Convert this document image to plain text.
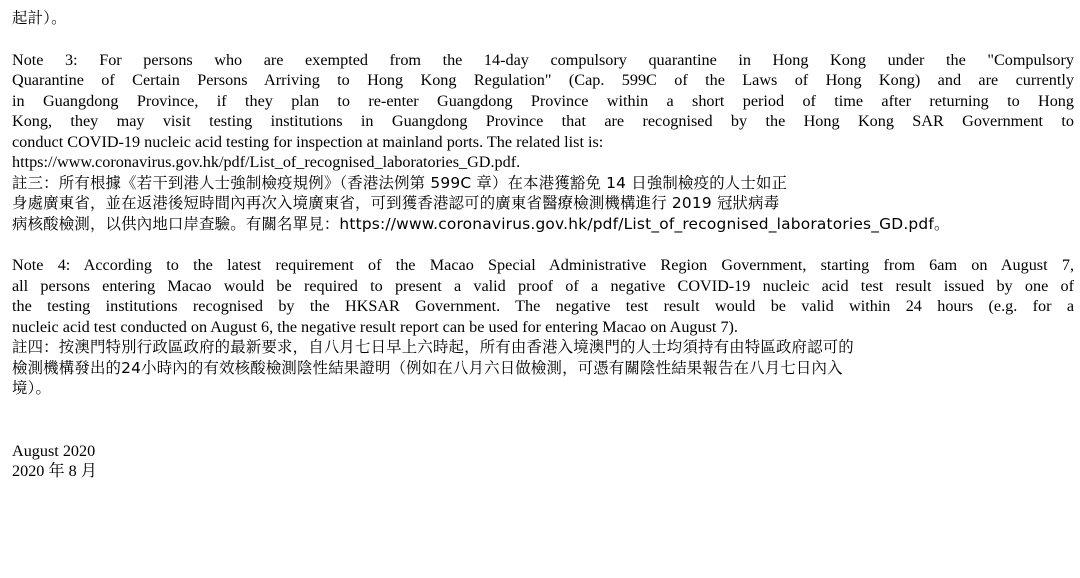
起計）。

Note 3: For persons who are exempted from the 14-day compulsory quarantine in Hong Kong under the "Compulsory

Quarantine of Certain Persons Arriving to Hong Kong Regulation" (Cap. 599C of the Laws of Hong Kong) and are currently

in Guangdong Province, if they plan to re-enter Guangdong Province within a short period of time after returning to Hong

Kong, they may visit testing institutions in Guangdong Province that are recognised by the Hong Kong SAR Government to

conduct COVID-19 nucleic acid testing for inspection at mainland ports. The related list is:

https://www.coronavirus.gov.hk/pdf/List_of_recognised_laboratories_GD.pdf.

註三：所有根據《若干到港人士強制檢疫規例》（香港法例第 599C 章）在本港獲豁免 14 日強制檢疫的人士如正

身處廣東省，並在返港後短時間內再次入境廣東省，可到獲香港認可的廣東省醫療檢測機構進行 2019 冠狀病毒

病核酸檢測，以供內地口岸查驗。有關名單見：https://www.coronavirus.gov.hk/pdf/List_of_recognised_laboratories_GD.pdf。

Note 4: According to the latest requirement of the Macao Special Administrative Region Government, starting from 6am on August 7,

all persons entering Macao would be required to present a valid proof of a negative COVID-19 nucleic acid test result issued by one of

the testing institutions recognised by the HKSAR Government. The negative test result would be valid within 24 hours (e.g. for a

nucleic acid test conducted on August 6, the negative result report can be used for entering Macao on August 7).

註四：按澳門特別行政區政府的最新要求，自八月七日早上六時起，所有由香港入境澳門的人士均須持有由特區政府認可的

檢測機構發出的24小時內的有效核酸檢測陰性結果證明（例如在八月六日做檢測，可憑有關陰性結果報告在八月七日內入

境）。

August 2020

2020 年 8 月
